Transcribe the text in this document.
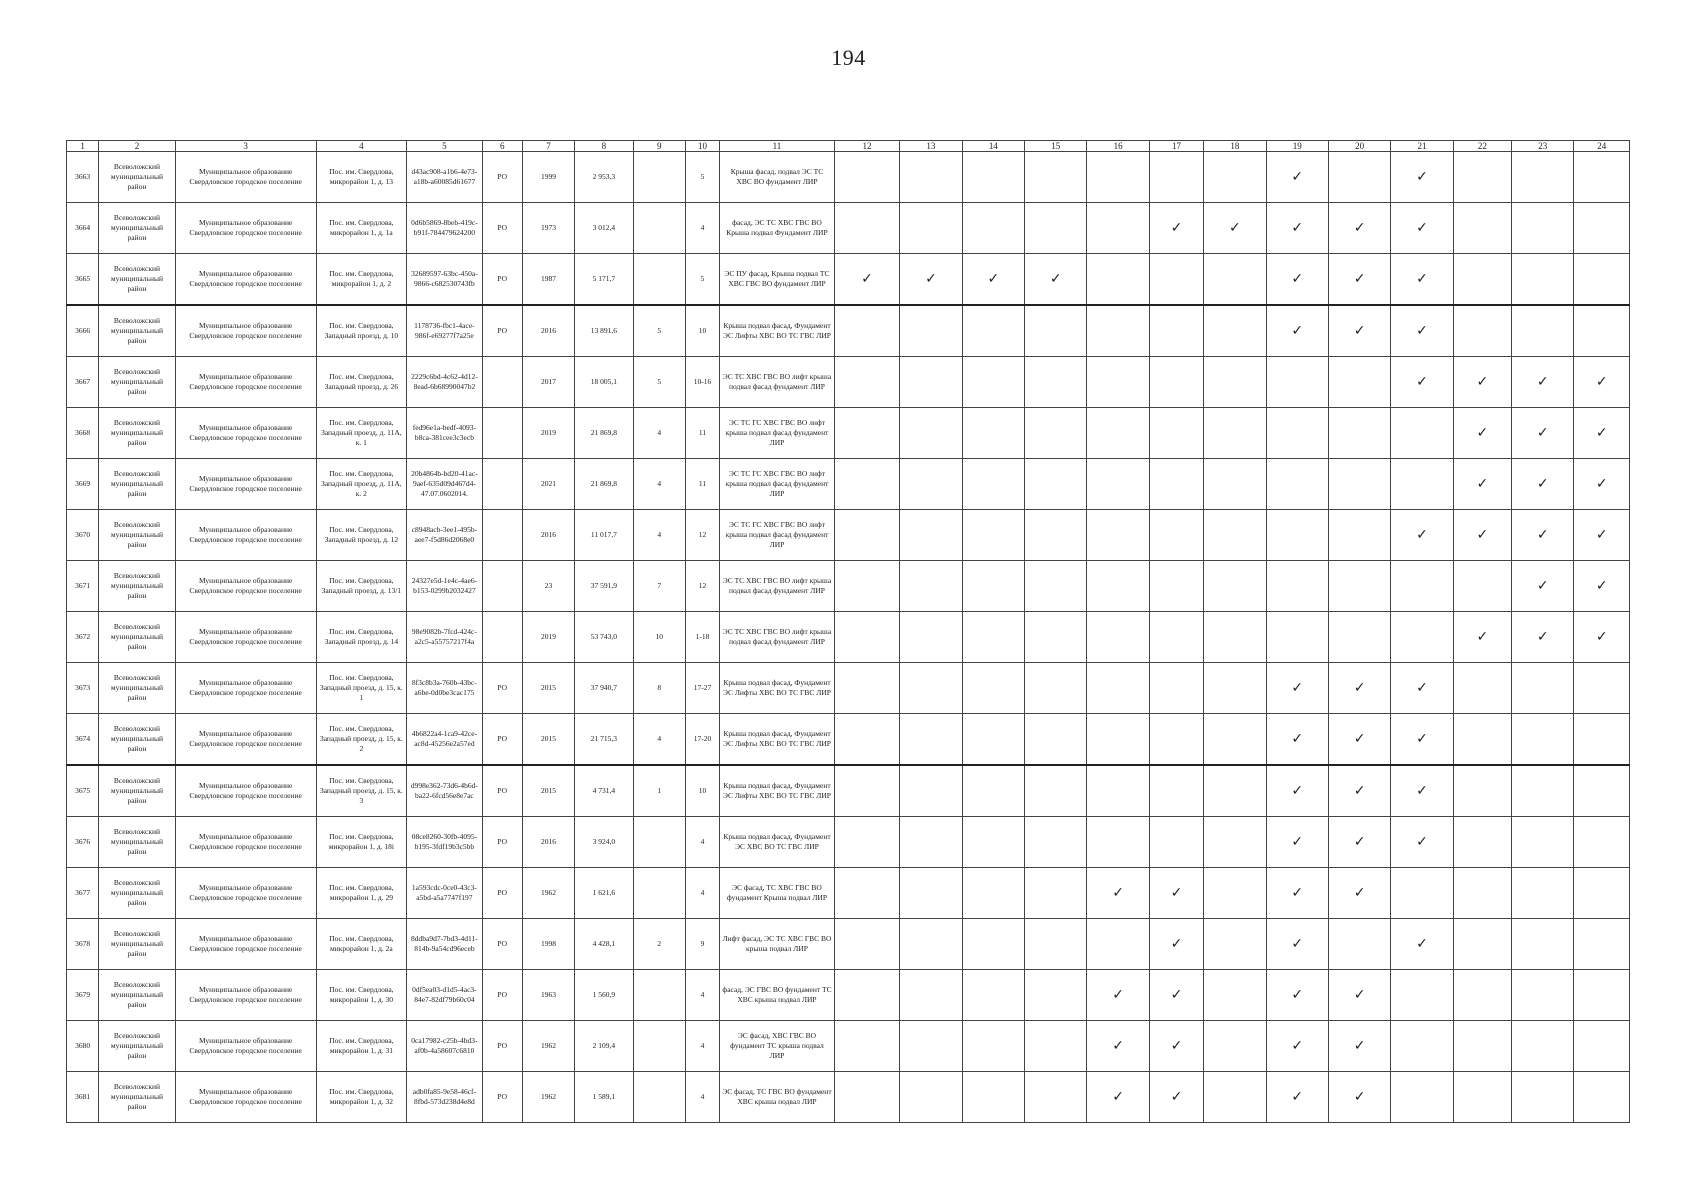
194
1	2	3	4	5	6	7	8	9	10	11	12	13	14	15	16	17	18	19	20	21	22	23	24
3663	Всеволожский муниципальный район	Муниципальное образование Свердловское городское поселение	Пос. им. Свердлова, микрорайон 1, д. 13	d43ac908-a1b6-4e73-a18b-a60085d61677	РО	1999	2 953,3		5	Крыша фасад, подвал ЭС ТС ХВС ВО фундамент ЛИР								✓		✓			
3664	Всеволожский муниципальный район	Муниципальное образование Свердловское городское поселение	Пос. им. Свердлова, микрорайон 1, д. 1а	0d6b5869-8beb-419c-b91f-784479624200	РО	1973	3 012,4		4	фасад, ЭС ТС ХВС ГВС ВО Крыша подвал Фундамент ЛИР						✓	✓	✓	✓	✓			
3665	Всеволожский муниципальный район	Муниципальное образование Свердловское городское поселение	Пос. им. Свердлова, микрорайон 1, д. 2	32689597-63bc-450a-9866-c682530743fb	РО	1987	5 171,7		5	ЭС ПУ фасад, Крыша подвал ТС ХВС ГВС ВО фундамент ЛИР	✓	✓	✓	✓				✓	✓	✓			
3666	Всеволожский муниципальный район	Муниципальное образование Свердловское городское поселение	Пос. им. Свердлова, Западный проезд, д. 10	1178736-fbc1-4ace-986f-e69277f7a25e	РО	2016	13 891,6	5	10	Крыша подвал фасад, Фундамент ЭС Лифты ХВС ВО ТС ГВС ЛИР								✓	✓	✓			
3667	Всеволожский муниципальный район	Муниципальное образование Свердловское городское поселение	Пос. им. Свердлова, Западный проезд, д. 26	2229c6bd-4c62-4d12-8ead-6b68990047b2		2017	18 005,1	5	10-16	ЭС ТС ХВС ГВС ВО лифт крыша подвал фасад фундамент ЛИР										✓	✓	✓	✓
3668	Всеволожский муниципальный район	Муниципальное образование Свердловское городское поселение	Пос. им. Свердлова, Западный проезд, д. 11А, к. 1	fed96e1a-bedf-4093-b8ca-381cee3c3ecb		2019	21 869,8	4	11	ЭС ТС ГС ХВС ГВС ВО лифт крыша подвал фасад фундамент ЛИР											✓	✓	✓
3669	Всеволожский муниципальный район	Муниципальное образование Свердловское городское поселение	Пос. им. Свердлова, Западный проезд, д. 11А, к. 2	20b4864b-bd20-41ac-9aef-635d09d467d4-47.07.0602014.		2021	21 869,8	4	11	ЭС ТС ГС ХВС ГВС ВО лифт крыша подвал фасад фундамент ЛИР											✓	✓	✓
3670	Всеволожский муниципальный район	Муниципальное образование Свердловское городское поселение	Пос. им. Свердлова, Западный проезд, д. 12	c8948acb-3ee1-495b-aee7-f5d86d2068e0		2016	11 017,7	4	12	ЭС ТС ГС ХВС ГВС ВО лифт крыша подвал фасад фундамент ЛИР										✓	✓	✓	✓
3671	Всеволожский муниципальный район	Муниципальное образование Свердловское городское поселение	Пос. им. Свердлова, Западный проезд, д. 13/1	24327e5d-1e4c-4ae6-b153-0299b2032427		23	37 591,9	7	12	ЭС ТС ХВС ГВС ВО лифт крыша подвал фасад фундамент ЛИР												✓	✓
3672	Всеволожский муниципальный район	Муниципальное образование Свердловское городское поселение	Пос. им. Свердлова, Западный проезд, д. 14	98e9082b-7fcd-424c-a2c5-a55757217f4a		2019	53 743,0	10	1-18	ЭС ТС ХВС ГВС ВО лифт крыша подвал фасад фундамент ЛИР											✓	✓	✓
3673	Всеволожский муниципальный район	Муниципальное образование Свердловское городское поселение	Пос. им. Свердлова, Западный проезд, д. 15, к. 1	8f3c8b3a-760b-43bc-a6be-0d0be3cac175	РО	2015	37 940,7	8	17-27	Крыша подвал фасад, Фундамент ЭС Лифты ХВС ВО ТС ГВС ЛИР								✓	✓	✓			
3674	Всеволожский муниципальный район	Муниципальное образование Свердловское городское поселение	Пос. им. Свердлова, Западный проезд, д. 15, к. 2	4b6822a4-1ca9-42ce-ac8d-45256e2a57ed	РО	2015	21 715,3	4	17-20	Крыша подвал фасад, Фундамент ЭС Лифты ХВС ВО ТС ГВС ЛИР								✓	✓	✓			
3675	Всеволожский муниципальный район	Муниципальное образование Свердловское городское поселение	Пос. им. Свердлова, Западный проезд, д. 15, к. 3	d998e362-73d6-4b6d-ba22-6fcd56e8e7ac	РО	2015	4 731,4	1	10	Крыша подвал фасад, Фундамент ЭС Лифты ХВС ВО ТС ГВС ЛИР								✓	✓	✓			
3676	Всеволожский муниципальный район	Муниципальное образование Свердловское городское поселение	Пос. им. Свердлова, микрорайон 1, д. 18і	08ce8260-30fb-4095-b195-3fdf19b3c5bb	РО	2016	3 924,0		4	Крыша подвал фасад, Фундамент ЭС ХВС ВО ТС ГВС ЛИР								✓	✓	✓			
3677	Всеволожский муниципальный район	Муниципальное образование Свердловское городское поселение	Пос. им. Свердлова, микрорайон 1, д. 29	1a593cdc-0ce0-43c3-a5bd-a5a7747f197	РО	1962	1 621,6		4	ЭС фасад, ТС ХВС ГВС ВО фундамент Крыша подвал ЛИР					✓	✓		✓	✓				
3678	Всеволожский муниципальный район	Муниципальное образование Свердловское городское поселение	Пос. им. Свердлова, микрорайон 1, д. 2а	8ddba9d7-7bd3-4d11-814b-9a54cd96eceb	РО	1998	4 428,1	2	9	Лифт фасад, ЭС ТС ХВС ГВС ВО крыша подвал ЛИР						✓		✓		✓			
3679	Всеволожский муниципальный район	Муниципальное образование Свердловское городское поселение	Пос. им. Свердлова, микрорайон 1, д. 30	0df5ea03-d1d5-4ac3-84e7-82df79b60c04	РО	1963	1 560,9		4	фасад, ЭС ГВС ВО фундамент ТС ХВС крыша подвал ЛИР					✓	✓		✓	✓				
3680	Всеволожский муниципальный район	Муниципальное образование Свердловское городское поселение	Пос. им. Свердлова, микрорайон 1, д. 31	0ca17982-c25b-4bd3-af0b-4a58607c6810	РО	1962	2 109,4		4	ЭС фасад, ХВС ГВС ВО фундамент ТС крыша подвал ЛИР					✓	✓		✓	✓				
3681	Всеволожский муниципальный район	Муниципальное образование Свердловское городское поселение	Пос. им. Свердлова, микрорайон 1, д. 32	adb0fa85-9e58-46cf-8fbd-573d238d4e8d	РО	1962	1 589,1		4	ЭС фасад, ТС ГВС ВО фундамент ХВС крыша подвал ЛИР					✓	✓		✓	✓				
